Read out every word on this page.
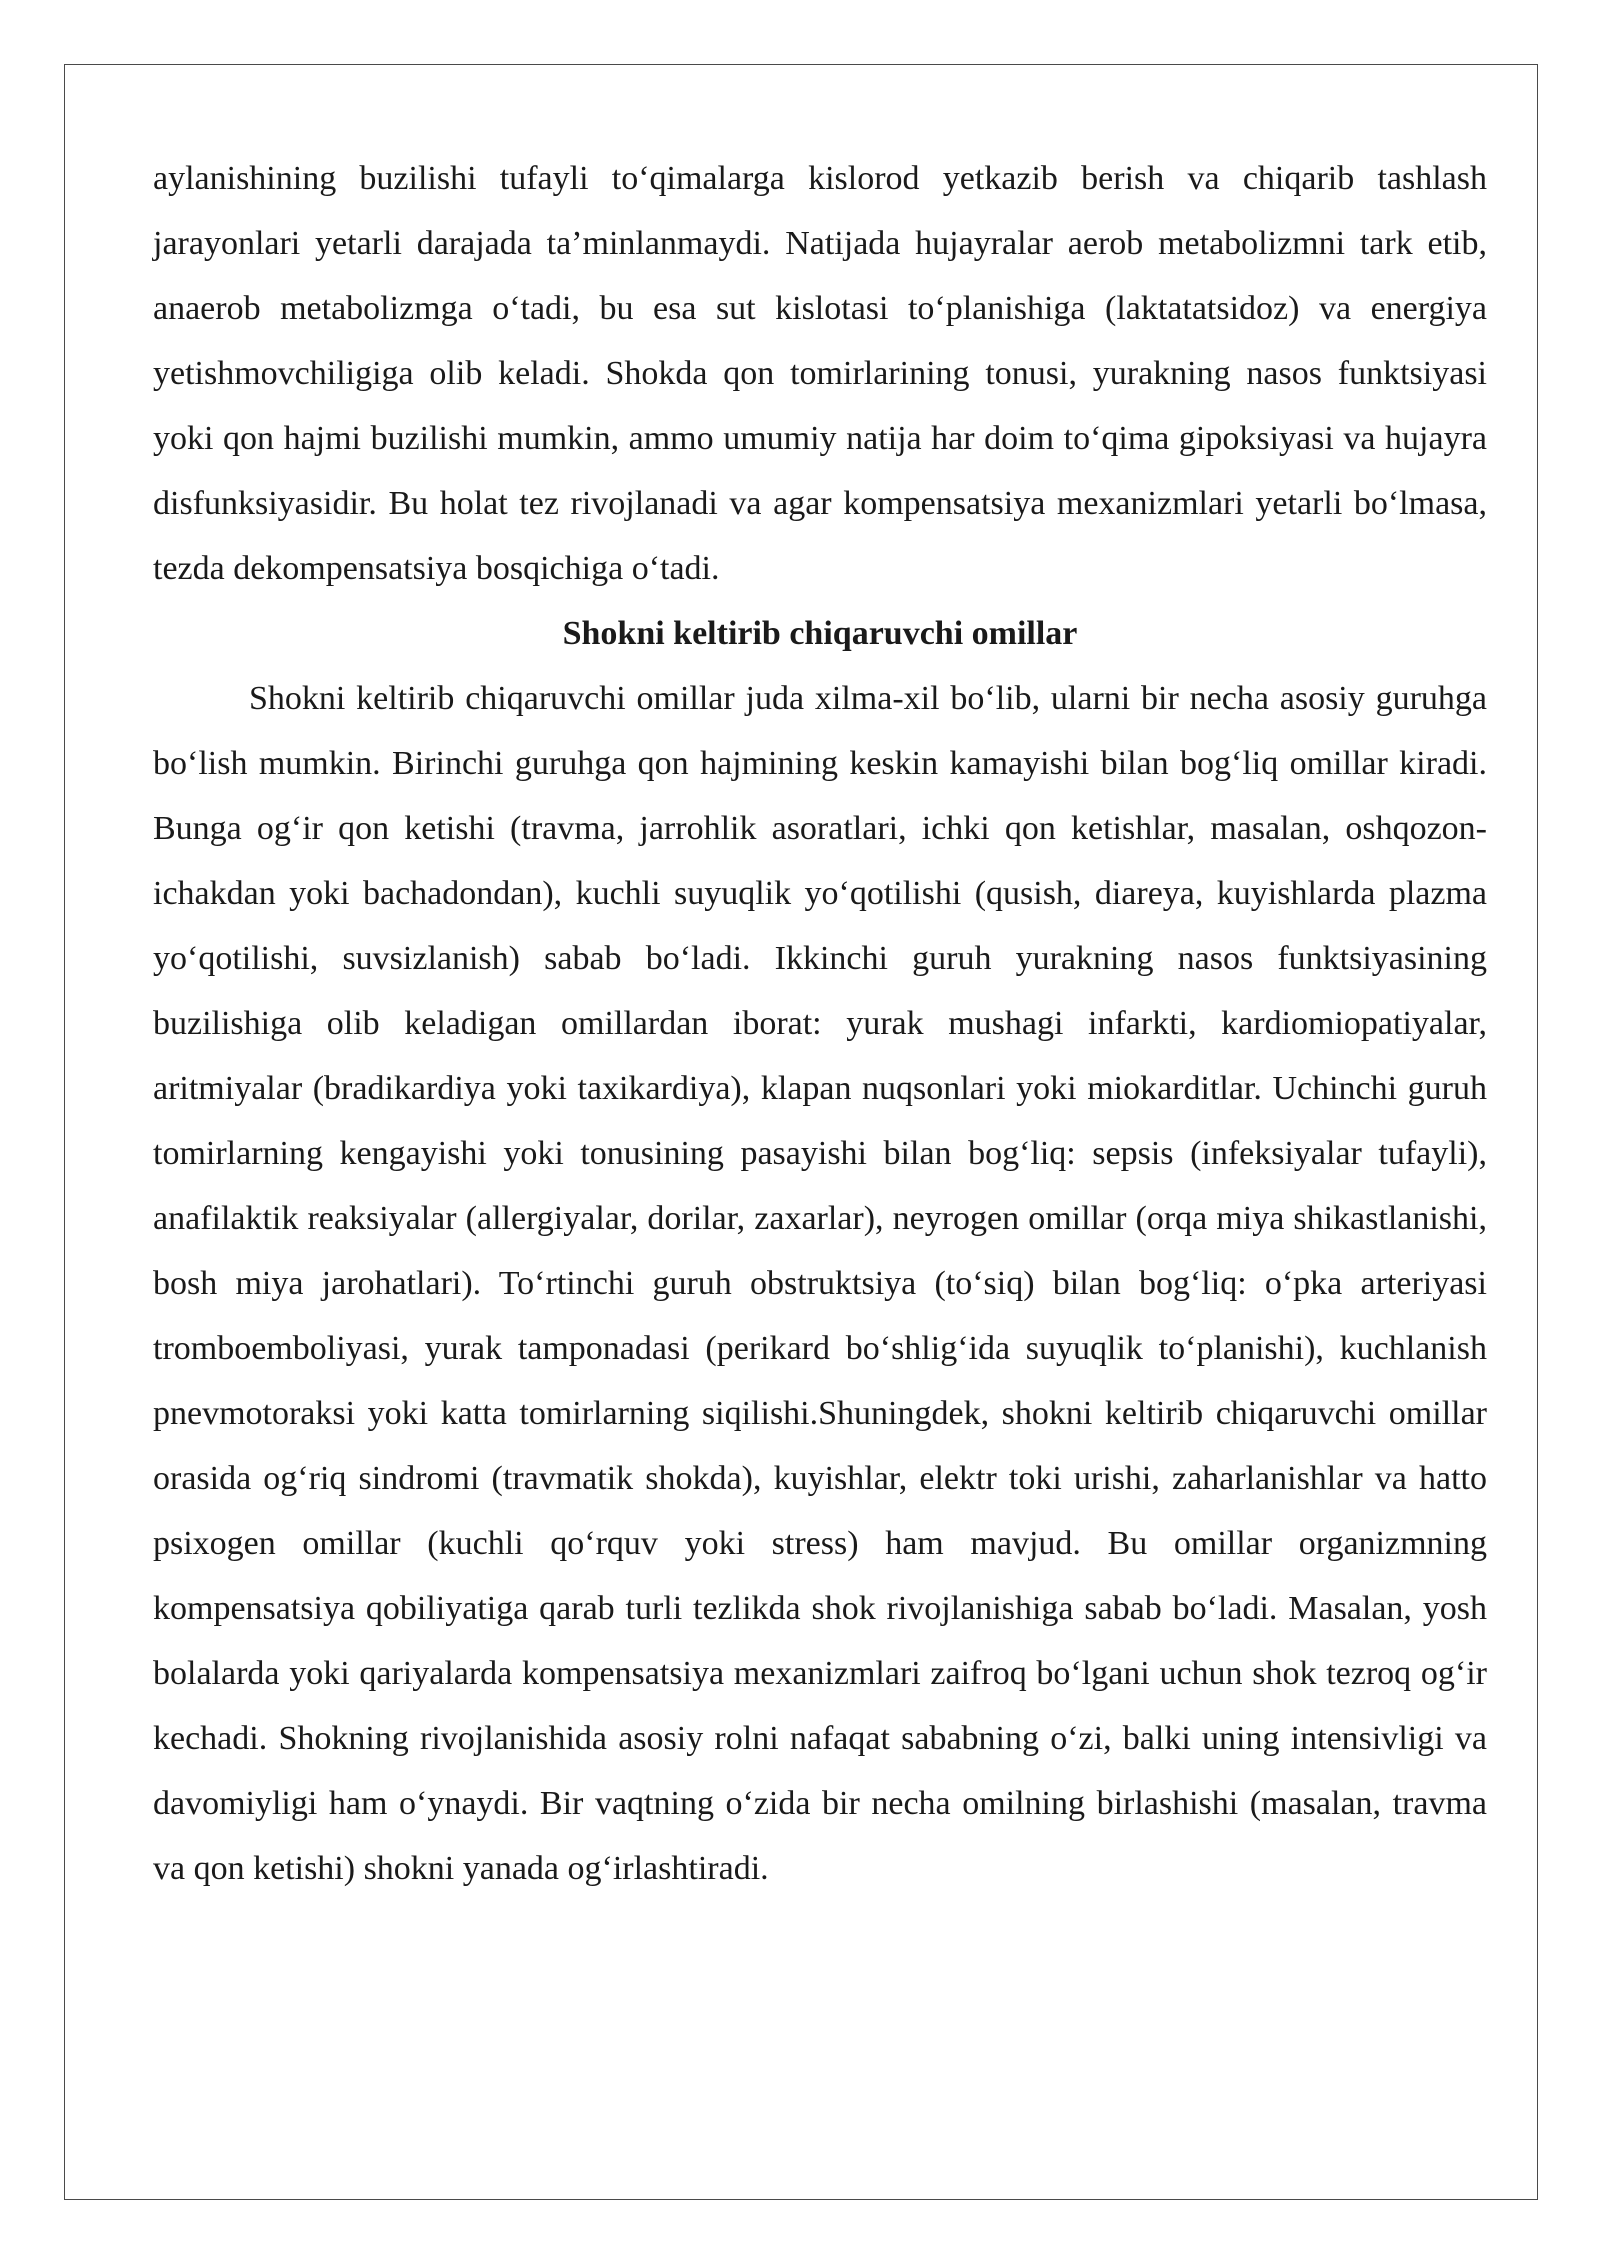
aylanishining buzilishi tufayli to‘qimalarga kislorod yetkazib berish va chiqarib tashlash jarayonlari yetarli darajada ta’minlanmaydi. Natijada hujayralar aerob metabolizmni tark etib, anaerob metabolizmga o‘tadi, bu esa sut kislotasi to‘planishiga (laktatatsidoz) va energiya yetishmovchiligiga olib keladi. Shokda qon tomirlarining tonusi, yurakning nasos funktsiyasi yoki qon hajmi buzilishi mumkin, ammo umumiy natija har doim to‘qima gipoksiyasi va hujayra disfunksiyasidir. Bu holat tez rivojlanadi va agar kompensatsiya mexanizmlari yetarli bo‘lmasa, tezda dekompensatsiya bosqichiga o‘tadi.

Shokni keltirib chiqaruvchi omillar

Shokni keltirib chiqaruvchi omillar juda xilma-xil bo‘lib, ularni bir necha asosiy guruhga bo‘lish mumkin. Birinchi guruhga qon hajmining keskin kamayishi bilan bog‘liq omillar kiradi. Bunga og‘ir qon ketishi (travma, jarrohlik asoratlari, ichki qon ketishlar, masalan, oshqozon-ichakdan yoki bachadondan), kuchli suyuqlik yo‘qotilishi (qusish, diareya, kuyishlarda plazma yo‘qotilishi, suvsizlanish) sabab bo‘ladi. Ikkinchi guruh yurakning nasos funktsiyasining buzilishiga olib keladigan omillardan iborat: yurak mushagi infarkti, kardiomiopatiyalar, aritmiyalar (bradikardiya yoki taxikardiya), klapan nuqsonlari yoki miokarditlar. Uchinchi guruh tomirlarning kengayishi yoki tonusining pasayishi bilan bog‘liq: sepsis (infeksiyalar tufayli), anafilaktik reaksiyalar (allergiyalar, dorilar, zaxarlar), neyrogen omillar (orqa miya shikastlanishi, bosh miya jarohatlari). To‘rtinchi guruh obstruktsiya (to‘siq) bilan bog‘liq: o‘pka arteriyasi tromboemboliyasi, yurak tamponadasi (perikard bo‘shlig‘ida suyuqlik to‘planishi), kuchlanish pnevmotoraksi yoki katta tomirlarning siqilishi.Shuningdek, shokni keltirib chiqaruvchi omillar orasida og‘riq sindromi (travmatik shokda), kuyishlar, elektr toki urishi, zaharlanishlar va hatto psixogen omillar (kuchli qo‘rquv yoki stress) ham mavjud. Bu omillar organizmning kompensatsiya qobiliyatiga qarab turli tezlikda shok rivojlanishiga sabab bo‘ladi. Masalan, yosh bolalarda yoki qariyalarda kompensatsiya mexanizmlari zaifroq bo‘lgani uchun shok tezroq og‘ir kechadi. Shokning rivojlanishida asosiy rolni nafaqat sababning o‘zi, balki uning intensivligi va davomiyligi ham o‘ynaydi. Bir vaqtning o‘zida bir necha omilning birlashishi (masalan, travma va qon ketishi) shokni yanada og‘irlashtiradi.
